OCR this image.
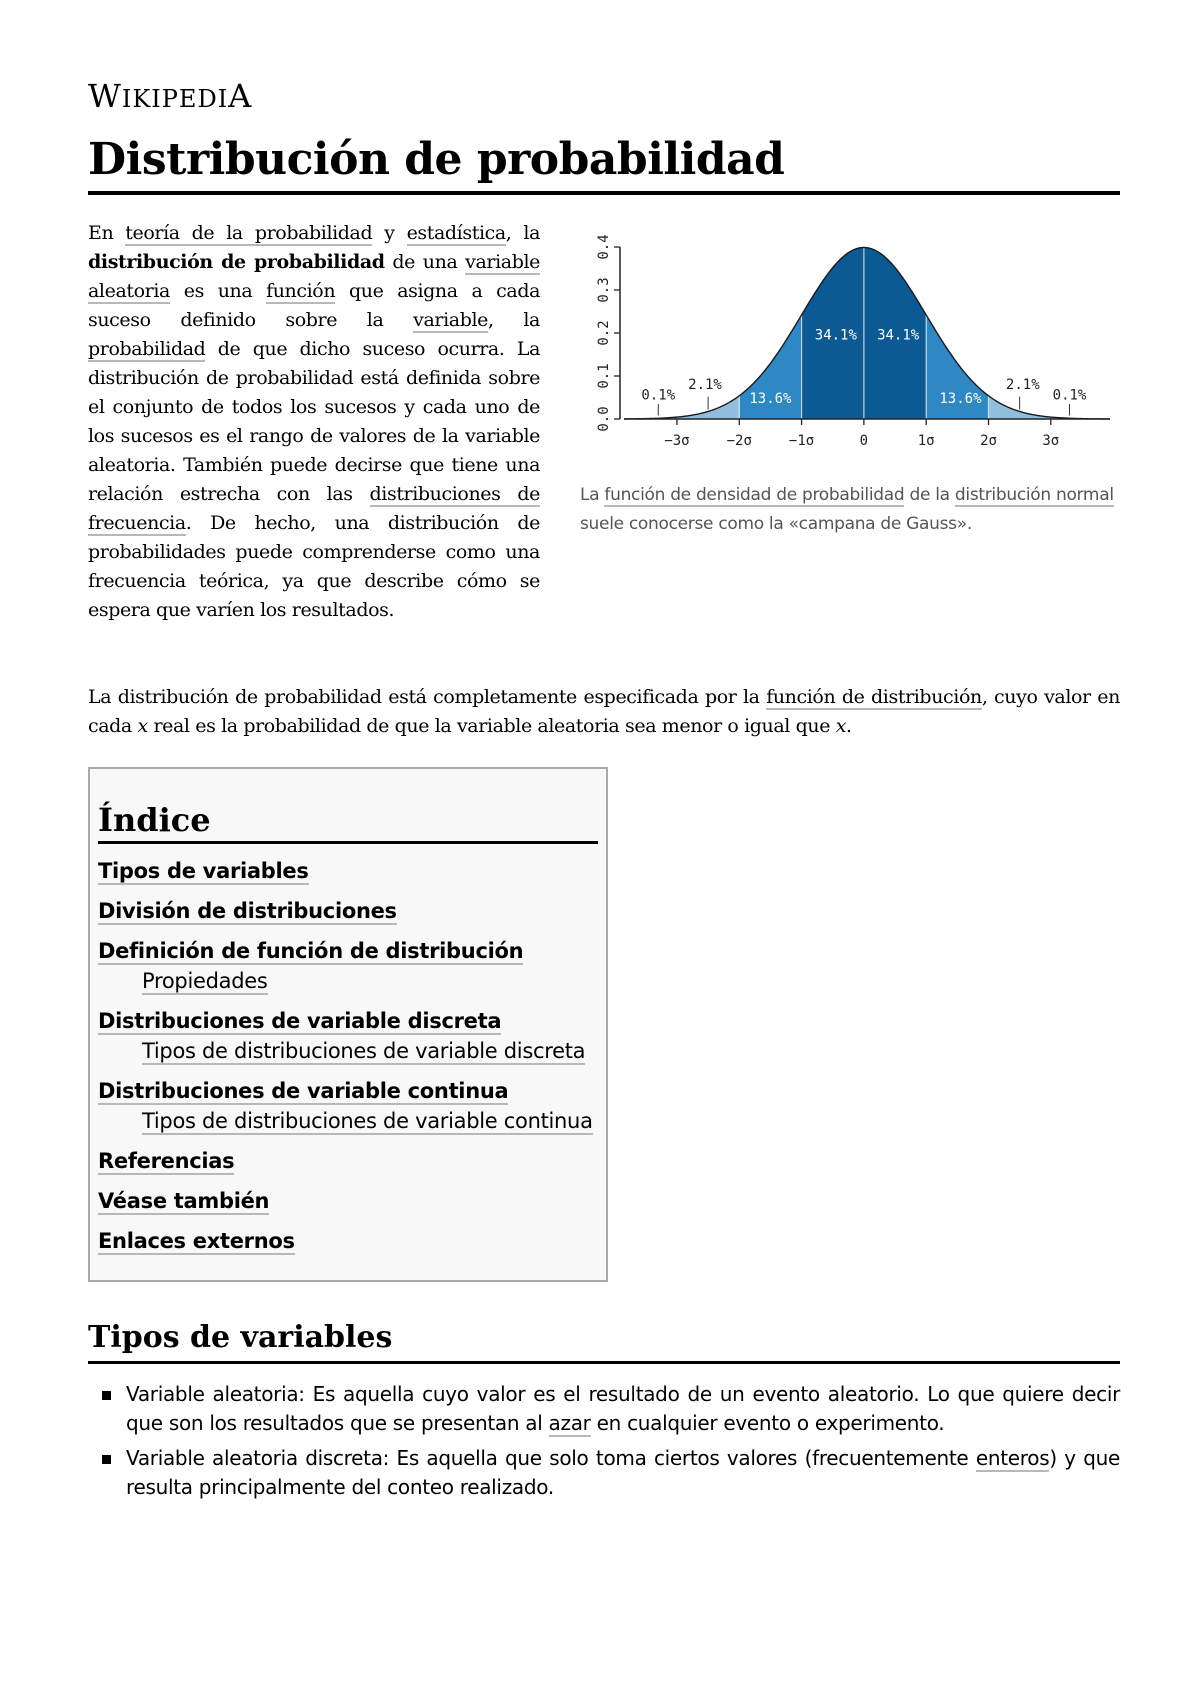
WIKIPEDIA
Distribución de probabilidad

En teoría de la probabilidad y estadística, la distribución de probabilidad de una variable aleatoria es una función que asigna a cada suceso definido sobre la variable, la probabilidad de que dicho suceso ocurra. La distribución de probabilidad está definida sobre el conjunto de todos los sucesos y cada uno de los sucesos es el rango de valores de la variable aleatoria. También puede decirse que tiene una relación estrecha con las distribuciones de frecuencia. De hecho, una distribución de probabilidades puede comprenderse como una frecuencia teórica, ya que describe cómo se espera que varíen los resultados.

0.0
0.1
0.2
0.3
0.4
−3σ	−2σ	−1σ	0	1σ	2σ	3σ
2.1%
13.6%
34.1% 34.1%
13.6%
2.1%
0.1%	0.1%
La función de densidad de probabilidad de la distribución normal suele conocerse como la «campana de Gauss».

La distribución de probabilidad está completamente especificada por la función de distribución, cuyo valor en cada x real es la probabilidad de que la variable aleatoria sea menor o igual que x.

Índice
Tipos de variables
División de distribuciones
Definición de función de distribución
Propiedades
Distribuciones de variable discreta
Tipos de distribuciones de variable discreta
Distribuciones de variable continua
Tipos de distribuciones de variable continua
Referencias
Véase también
Enlaces externos
Tipos de variables
Variable aleatoria: Es aquella cuyo valor es el resultado de un evento aleatorio. Lo que quiere decir que son los resultados que se presentan al azar en cualquier evento o experimento.
Variable aleatoria discreta: Es aquella que solo toma ciertos valores (frecuentemente enteros) y que resulta principalmente del conteo realizado.
